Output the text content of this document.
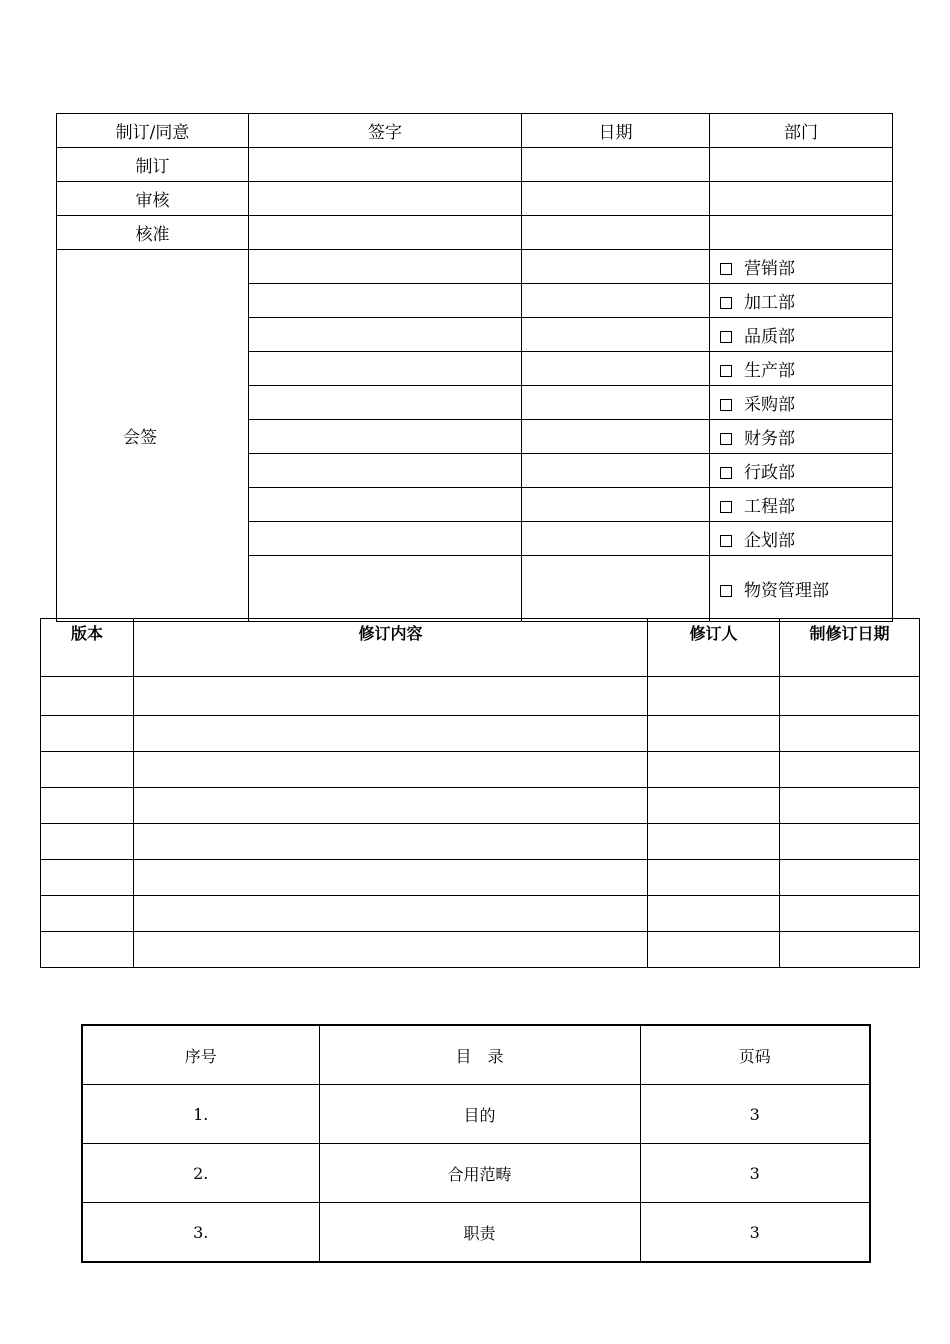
制订/同意	签字	日期	部门
制订			
审核			
核准			
会签			营销部
			加工部
			品质部
			生产部
			采购部
			财务部
			行政部
			工程部
			企划部
			物资管理部
版本	修订内容	修订人	制修订日期

序号	目　录	页码
1.	目的	3
2.	合用范畴	3
3.	职责	3
